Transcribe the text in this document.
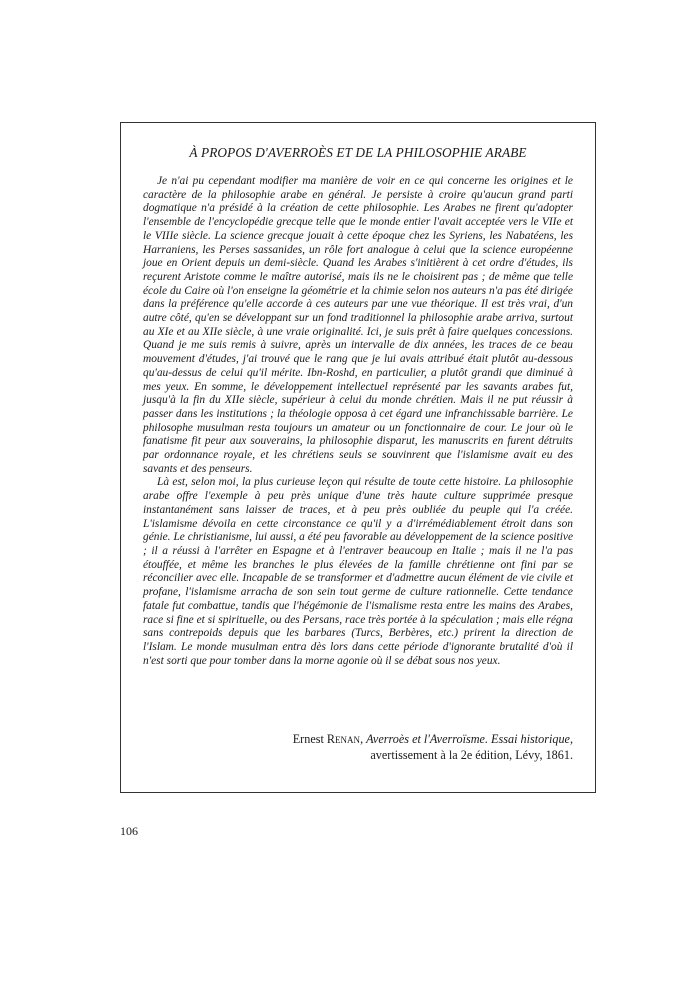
À PROPOS D'AVERROÈS ET DE LA PHILOSOPHIE ARABE

Je n'ai pu cependant modifier ma manière de voir en ce qui concerne les origines et le caractère de la philosophie arabe en général. Je persiste à croire qu'aucun grand parti dogmatique n'a présidé à la création de cette philosophie. Les Arabes ne firent qu'adopter l'ensemble de l'encyclopédie grecque telle que le monde entier l'avait acceptée vers le VIIe et le VIIIe siècle. La science grecque jouait à cette époque chez les Syriens, les Nabatéens, les Harraniens, les Perses sassanides, un rôle fort analogue à celui que la science européenne joue en Orient depuis un demi-siècle. Quand les Arabes s'initièrent à cet ordre d'études, ils reçurent Aristote comme le maître autorisé, mais ils ne le choisirent pas ; de même que telle école du Caire où l'on enseigne la géométrie et la chimie selon nos auteurs n'a pas été dirigée dans la préférence qu'elle accorde à ces auteurs par une vue théorique. Il est très vrai, d'un autre côté, qu'en se développant sur un fond traditionnel la philosophie arabe arriva, surtout au XIe et au XIIe siècle, à une vraie originalité. Ici, je suis prêt à faire quelques concessions. Quand je me suis remis à suivre, après un intervalle de dix années, les traces de ce beau mouvement d'études, j'ai trouvé que le rang que je lui avais attribué était plutôt au-dessous qu'au-dessus de celui qu'il mérite. Ibn-Roshd, en particulier, a plutôt grandi que diminué à mes yeux. En somme, le développement intellectuel représenté par les savants arabes fut, jusqu'à la fin du XIIe siècle, supérieur à celui du monde chrétien. Mais il ne put réussir à passer dans les institutions ; la théologie opposa à cet égard une infranchissable barrière. Le philosophe musulman resta toujours un amateur ou un fonctionnaire de cour. Le jour où le fanatisme fit peur aux souverains, la philosophie disparut, les manuscrits en furent détruits par ordonnance royale, et les chrétiens seuls se souvinrent que l'islamisme avait eu des savants et des penseurs.

Là est, selon moi, la plus curieuse leçon qui résulte de toute cette histoire. La philosophie arabe offre l'exemple à peu près unique d'une très haute culture supprimée presque instantanément sans laisser de traces, et à peu près oubliée du peuple qui l'a créée. L'islamisme dévoila en cette circonstance ce qu'il y a d'irrémédiablement étroit dans son génie. Le christianisme, lui aussi, a été peu favorable au développement de la science positive ; il a réussi à l'arrêter en Espagne et à l'entraver beaucoup en Italie ; mais il ne l'a pas étouffée, et même les branches le plus élevées de la famille chrétienne ont fini par se réconcilier avec elle. Incapable de se transformer et d'admettre aucun élément de vie civile et profane, l'islamisme arracha de son sein tout germe de culture rationnelle. Cette tendance fatale fut combattue, tandis que l'hégémonie de l'ismalisme resta entre les mains des Arabes, race si fine et si spirituelle, ou des Persans, race très portée à la spéculation ; mais elle régna sans contrepoids depuis que les barbares (Turcs, Berbères, etc.) prirent la direction de l'Islam. Le monde musulman entra dès lors dans cette période d'ignorante brutalité d'où il n'est sorti que pour tomber dans la morne agonie où il se débat sous nos yeux.

Ernest Renan, Averroès et l'Averroïsme. Essai historique,
avertissement à la 2e édition, Lévy, 1861.

106
